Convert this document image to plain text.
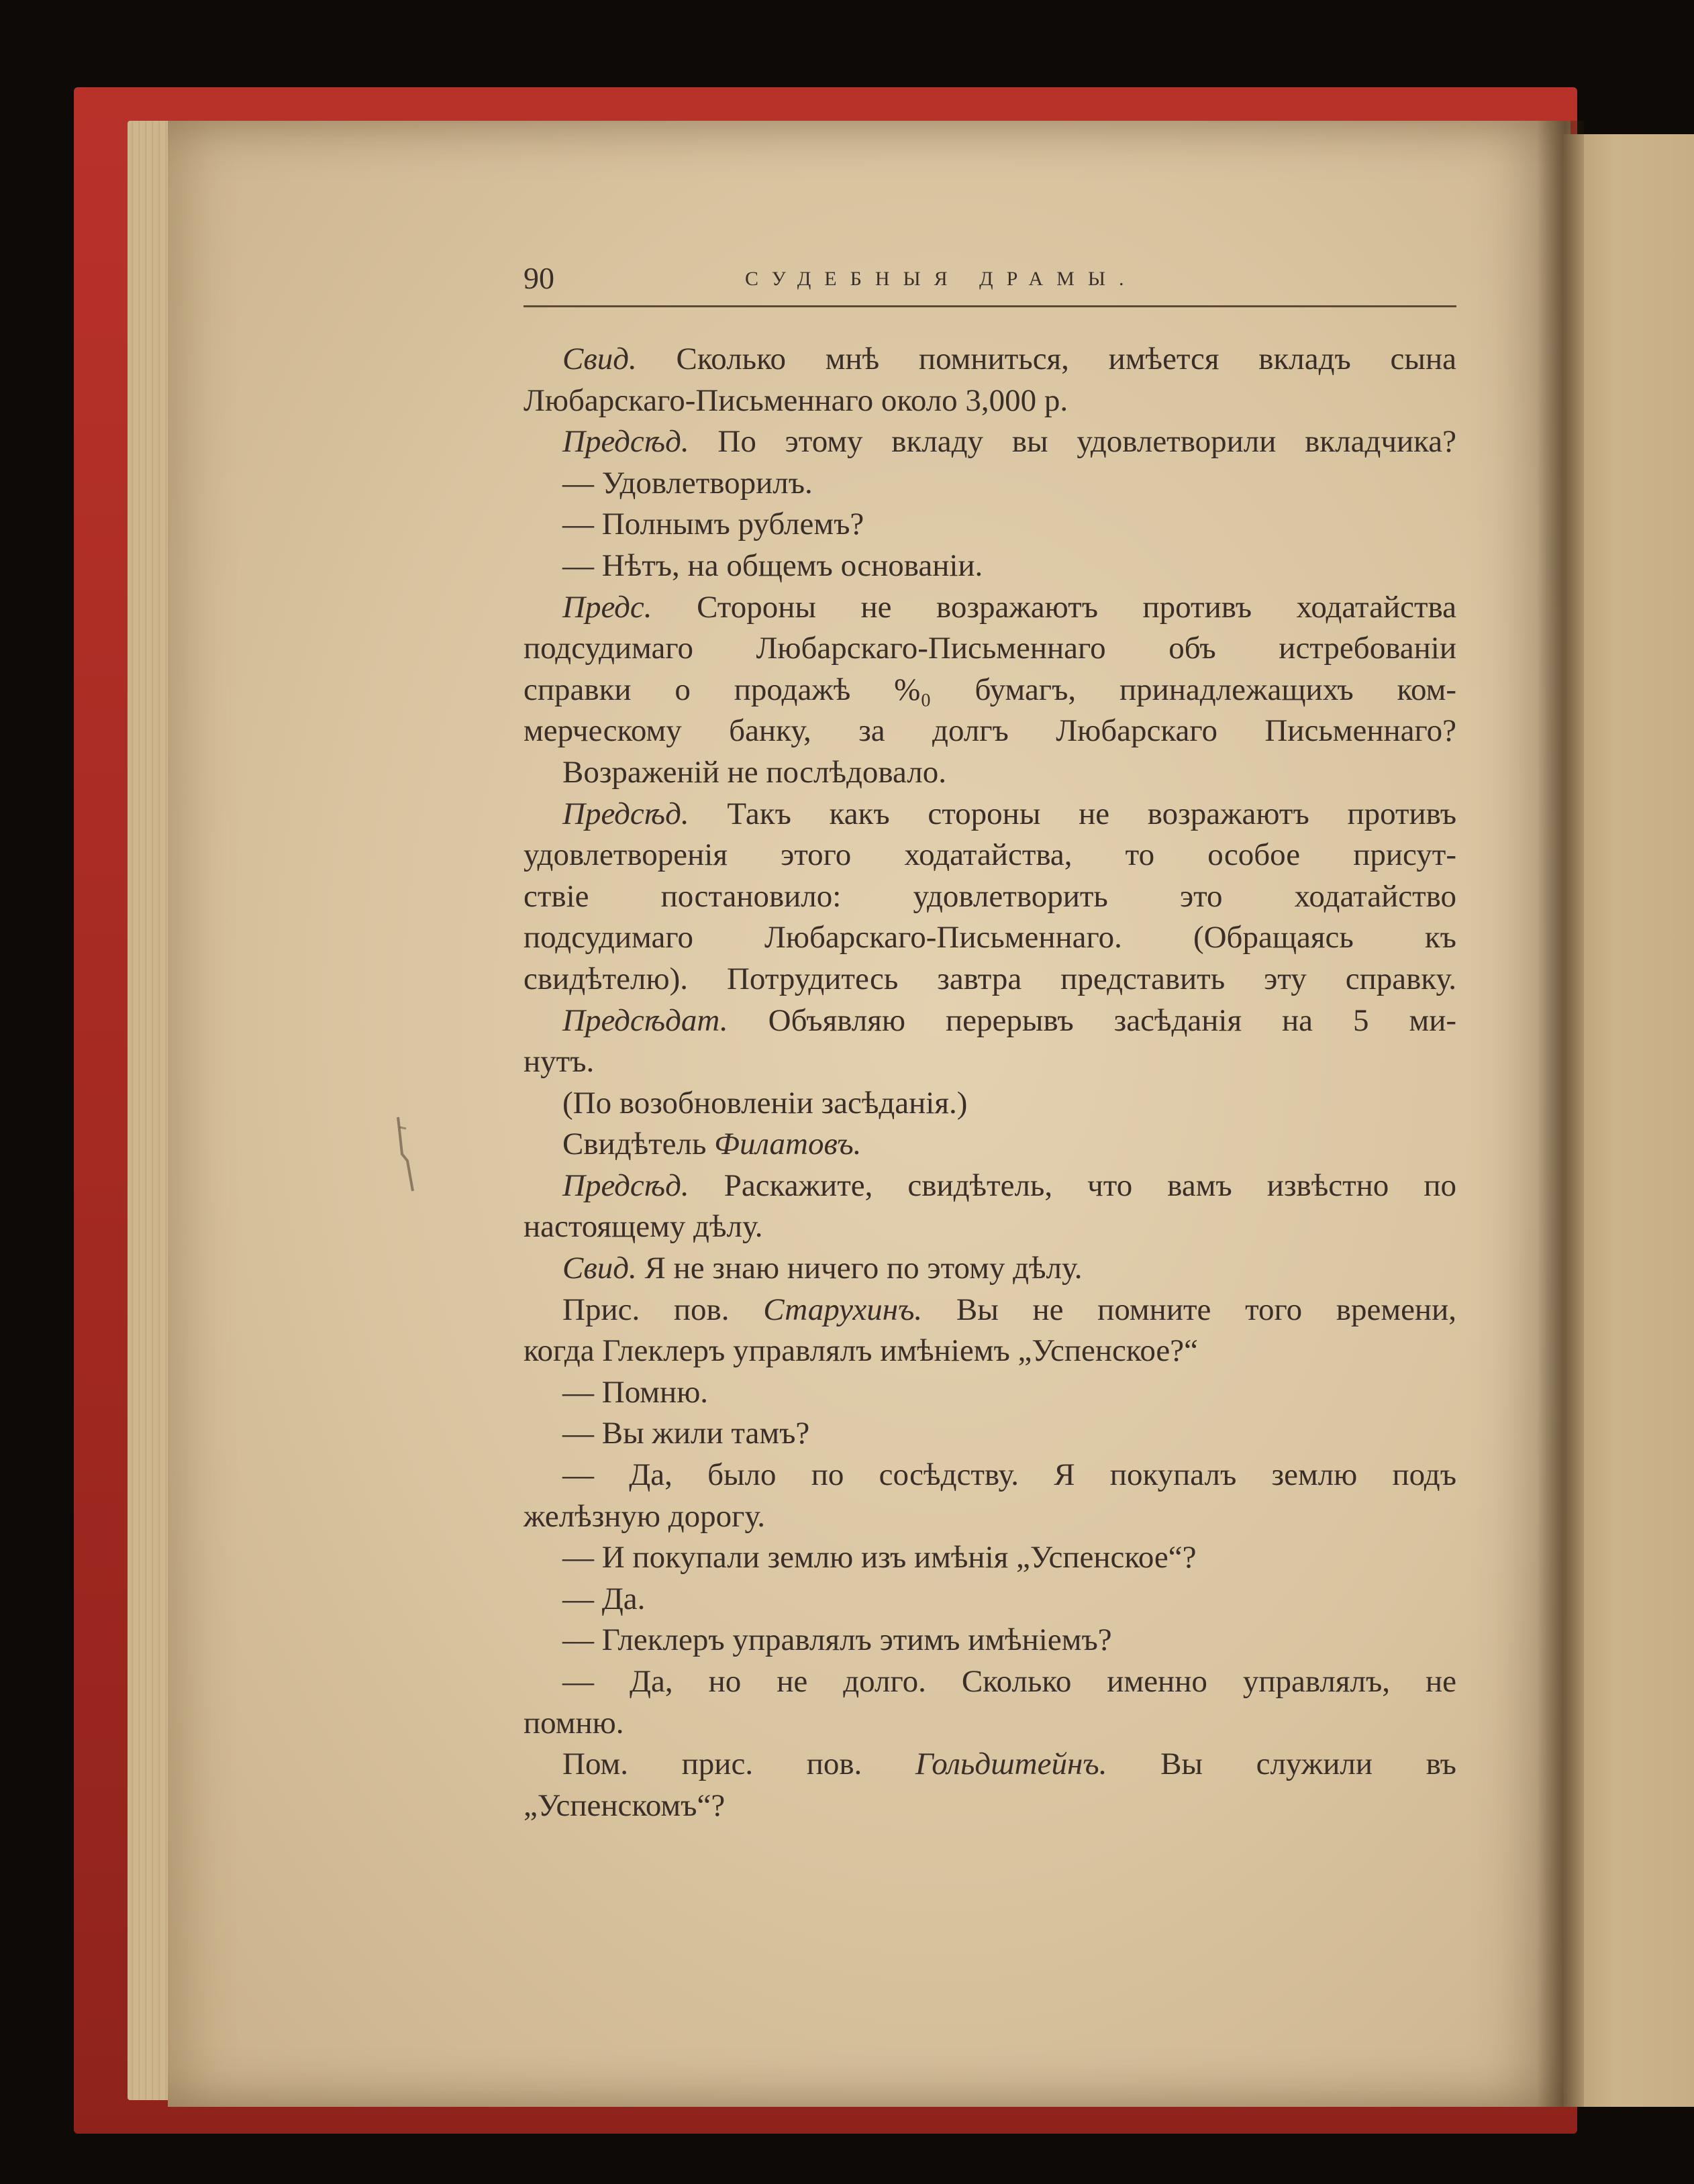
90	СУДЕБНЫЯ ДРАМЫ.
Свид. Сколько мнѣ помниться, имѣется вкладъ сына
Любарскаго-Письменнаго около 3,000 р.
Предсѣд. По этому вкладу вы удовлетворили вкладчика?
— Удовлетворилъ.
— Полнымъ рублемъ?
— Нѣтъ, на общемъ основаніи.
Предс. Стороны не возражаютъ противъ ходатайства
подсудимаго Любарскаго-Письменнаго объ истребованіи
справки о продажѣ %₀ бумагъ, принадлежащихъ ком-
мерческому банку, за долгъ Любарскаго Письменнаго?
Возраженій не послѣдовало.
Предсѣд. Такъ какъ стороны не возражаютъ противъ
удовлетворенія этого ходатайства, то особое присут-
ствіе постановило: удовлетворить это ходатайство
подсудимаго Любарскаго-Письменнаго. (Обращаясь къ
свидѣтелю). Потрудитесь завтра представить эту справку.
Предсѣдат. Объявляю перерывъ засѣданія на 5 ми-
нутъ.
(По возобновленіи засѣданія.)
Свидѣтель Филатовъ.
Предсѣд. Раскажите, свидѣтель, что вамъ извѣстно по
настоящему дѣлу.
Свид. Я не знаю ничего по этому дѣлу.
Прис. пов. Старухинъ. Вы не помните того времени,
когда Глеклеръ управлялъ имѣніемъ „Успенское?“
— Помню.
— Вы жили тамъ?
— Да, было по сосѣдству. Я покупалъ землю подъ
желѣзную дорогу.
— И покупали землю изъ имѣнія „Успенское“?
— Да.
— Глеклеръ управлялъ этимъ имѣніемъ?
— Да, но не долго. Сколько именно управлялъ, не
помню.
Пом. прис. пов. Гольдштейнъ. Вы служили въ
„Успенскомъ“?
